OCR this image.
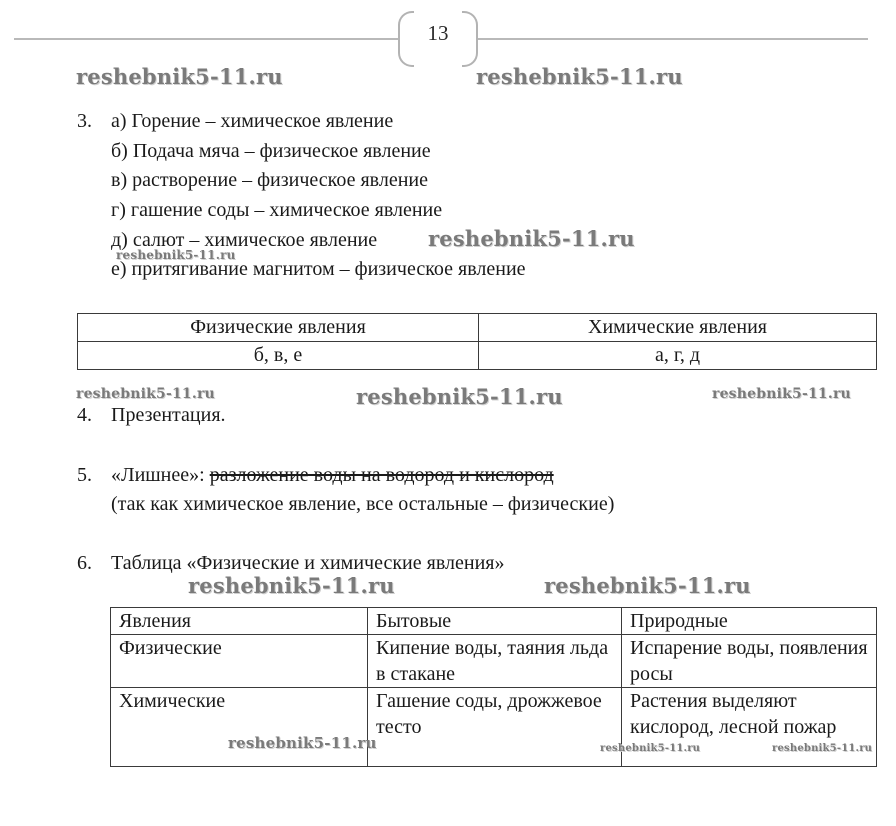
13
reshebnik5-11.ru	reshebnik5-11.ru
3. а) Горение – химическое явление
б) Подача мяча – физическое явление
в) растворение – физическое явление
г) гашение соды – химическое явление
д) салют – химическое явление reshebnik5-11.ru
reshebnik5-11.ru
е) притягивание магнитом – физическое явление
Физические явления	Химические явления
б, в, е	а, г, д
reshebnik5-11.ru	reshebnik5-11.ru	reshebnik5-11.ru
4. Презентация.
5. «Лишнее»: разложение воды на водород и кислород
(так как химическое явление, все остальные – физические)
6. Таблица «Физические и химические явления»
reshebnik5-11.ru	reshebnik5-11.ru
Явления	Бытовые	Природные
Физические	Кипение воды, таяния льда в стакане	Испарение воды, появления росы
Химические	Гашение соды, дрожжевое тесто	Растения выделяют кислород, лесной пожар
reshebnik5-11.ru	reshebnik5-11.ru	reshebnik5-11.ru
